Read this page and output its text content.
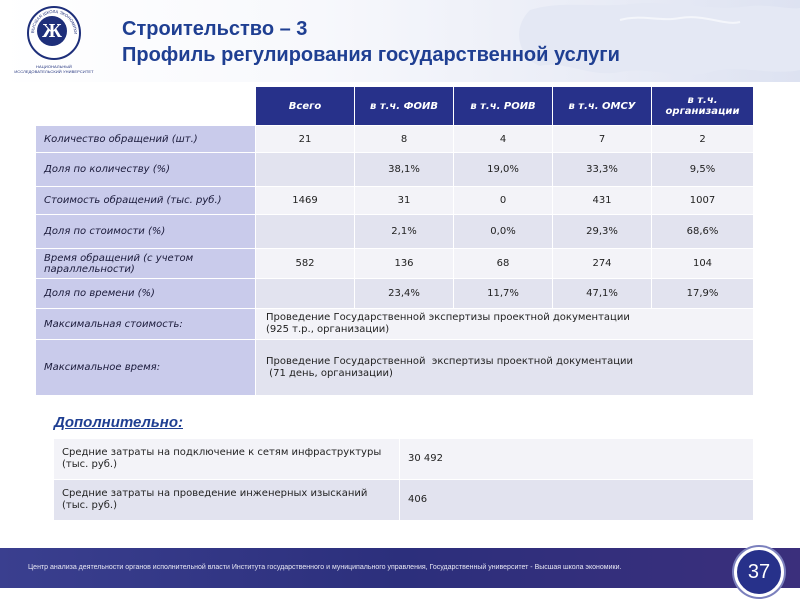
ВЫСШАЯ ШКОЛА ЭКОНОМИКИ
Ж
НАЦИОНАЛЬНЫЙ ИССЛЕДОВАТЕЛЬСКИЙ УНИВЕРСИТЕТ
Строительство – 3
Профиль регулирования государственной услуги
	Всего	в т.ч. ФОИВ	в т.ч. РОИВ	в т.ч. ОМСУ	в т.ч. организации
Количество обращений (шт.)	21	8	4	7	2
Доля по количеству (%)		38,1%	19,0%	33,3%	9,5%
Стоимость обращений (тыс. руб.)	1469	31	0	431	1007
Доля по стоимости (%)		2,1%	0,0%	29,3%	68,6%
Время обращений (с учетом параллельности)	582	136	68	274	104
Доля по времени (%)		23,4%	11,7%	47,1%	17,9%
Максимальная стоимость:	Проведение Государственной экспертизы проектной документации
(925 т.р., организации)				

Максимальное время:	Проведение Государственной  экспертизы проектной документации
(71 день, организации)				
Дополнительно:
Средние затраты на подключение к сетям инфраструктуры (тыс. руб.)	30 492
Средние затраты на проведение инженерных изысканий (тыс. руб.)	406
Центр анализа деятельности органов исполнительной власти Института государственного и муниципального управления, Государственный университет - Высшая школа экономики.	37
